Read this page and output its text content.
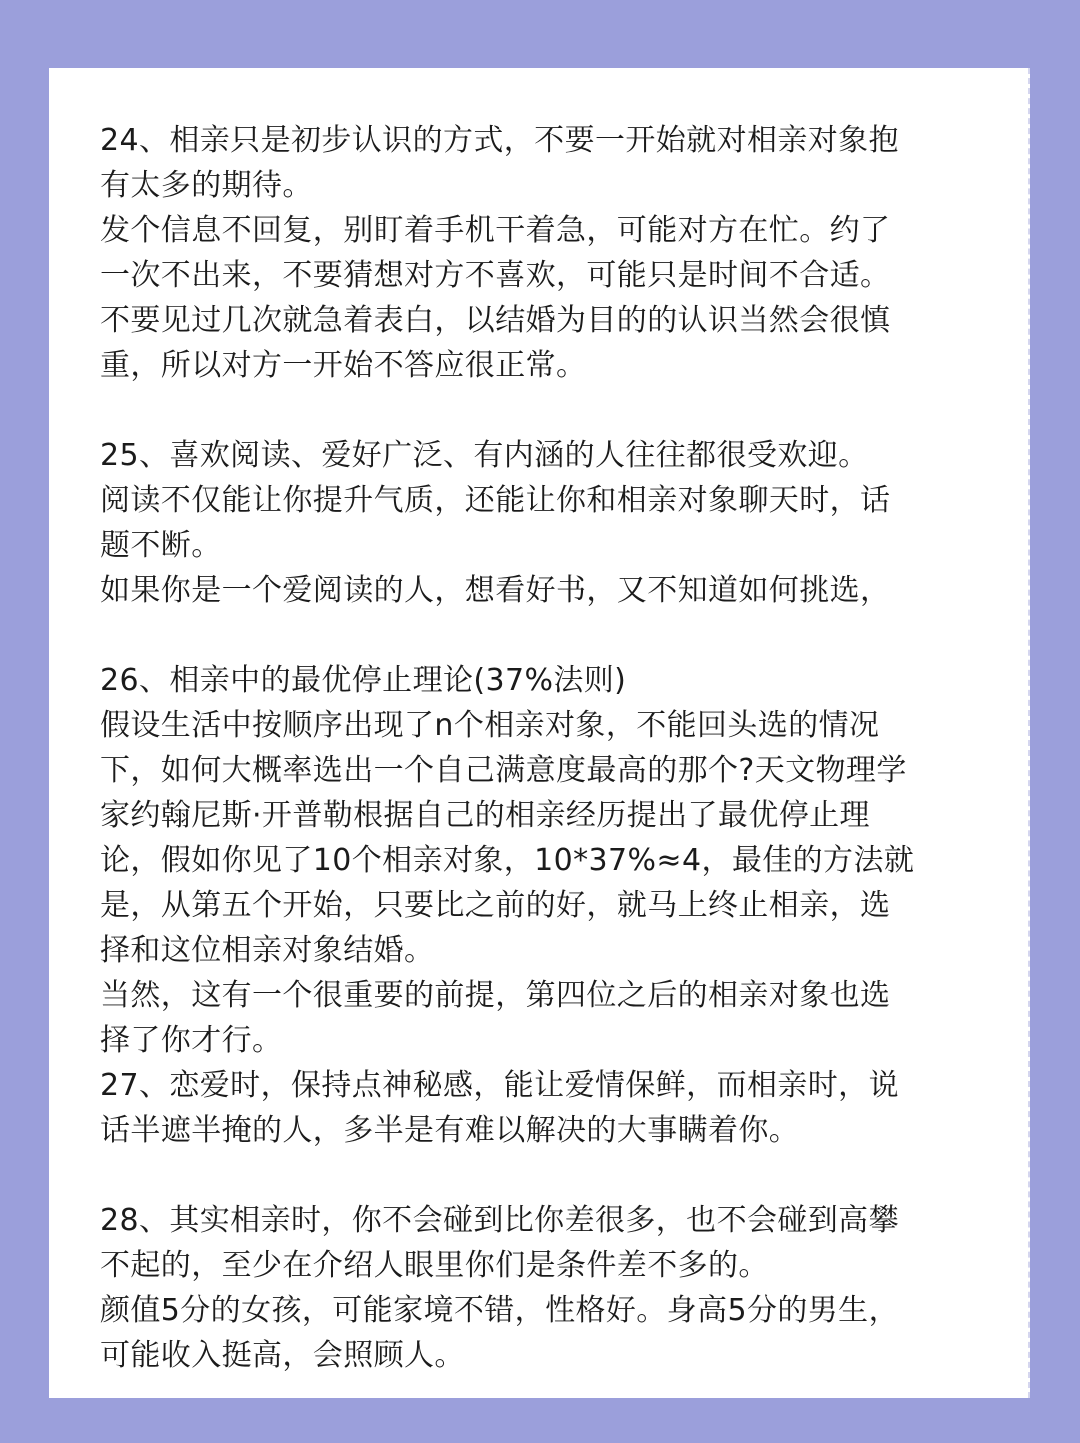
24、相亲只是初步认识的方式，不要一开始就对相亲对象抱
有太多的期待。
发个信息不回复，别盯着手机干着急，可能对方在忙。约了
一次不出来，不要猜想对方不喜欢，可能只是时间不合适。
不要见过几次就急着表白，以结婚为目的的认识当然会很慎
重，所以对方一开始不答应很正常。
25、喜欢阅读、爱好广泛、有内涵的人往往都很受欢迎。
阅读不仅能让你提升气质，还能让你和相亲对象聊天时，话
题不断。
如果你是一个爱阅读的人，想看好书，又不知道如何挑选，
26、相亲中的最优停止理论(37%法则)
假设生活中按顺序出现了n个相亲对象，不能回头选的情况
下，如何大概率选出一个自己满意度最高的那个?天文物理学
家约翰尼斯·开普勒根据自己的相亲经历提出了最优停止理
论，假如你见了10个相亲对象，10*37%≈4，最佳的方法就
是，从第五个开始，只要比之前的好，就马上终止相亲，选
择和这位相亲对象结婚。
当然，这有一个很重要的前提，第四位之后的相亲对象也选
择了你才行。
27、恋爱时，保持点神秘感，能让爱情保鲜，而相亲时，说
话半遮半掩的人，多半是有难以解决的大事瞒着你。
28、其实相亲时，你不会碰到比你差很多，也不会碰到高攀
不起的，至少在介绍人眼里你们是条件差不多的。
颜值5分的女孩，可能家境不错，性格好。身高5分的男生，
可能收入挺高，会照顾人。
